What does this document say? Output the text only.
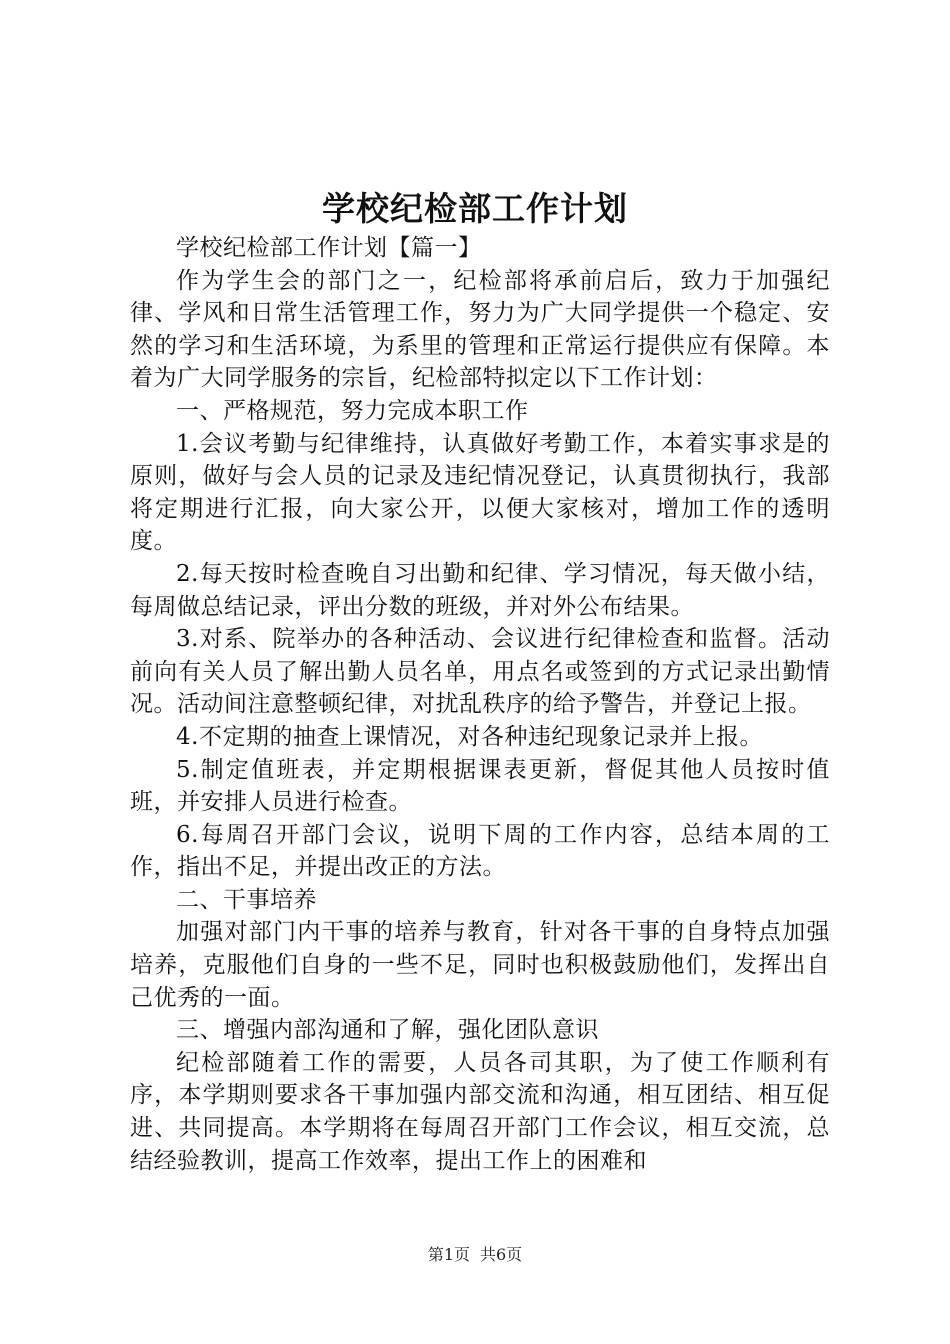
学校纪检部工作计划

学校纪检部工作计划【篇一】

作为学生会的部门之一，纪检部将承前启后，致力于加强纪律、学风和日常生活管理工作，努力为广大同学提供一个稳定、安然的学习和生活环境，为系里的管理和正常运行提供应有保障。本着为广大同学服务的宗旨，纪检部特拟定以下工作计划：

一、严格规范，努力完成本职工作

1.会议考勤与纪律维持，认真做好考勤工作，本着实事求是的原则，做好与会人员的记录及违纪情况登记，认真贯彻执行，我部将定期进行汇报，向大家公开，以便大家核对，增加工作的透明度。

2.每天按时检查晚自习出勤和纪律、学习情况，每天做小结，每周做总结记录，评出分数的班级，并对外公布结果。

3.对系、院举办的各种活动、会议进行纪律检查和监督。活动前向有关人员了解出勤人员名单，用点名或签到的方式记录出勤情况。活动间注意整顿纪律，对扰乱秩序的给予警告，并登记上报。

4.不定期的抽查上课情况，对各种违纪现象记录并上报。

5.制定值班表，并定期根据课表更新，督促其他人员按时值班，并安排人员进行检查。

6.每周召开部门会议，说明下周的工作内容，总结本周的工作，指出不足，并提出改正的方法。

二、干事培养

加强对部门内干事的培养与教育，针对各干事的自身特点加强培养，克服他们自身的一些不足，同时也积极鼓励他们，发挥出自己优秀的一面。

三、增强内部沟通和了解，强化团队意识

纪检部随着工作的需要，人员各司其职，为了使工作顺利有序，本学期则要求各干事加强内部交流和沟通，相互团结、相互促进、共同提高。本学期将在每周召开部门工作会议，相互交流，总结经验教训，提高工作效率，提出工作上的困难和

第1页 共6页
